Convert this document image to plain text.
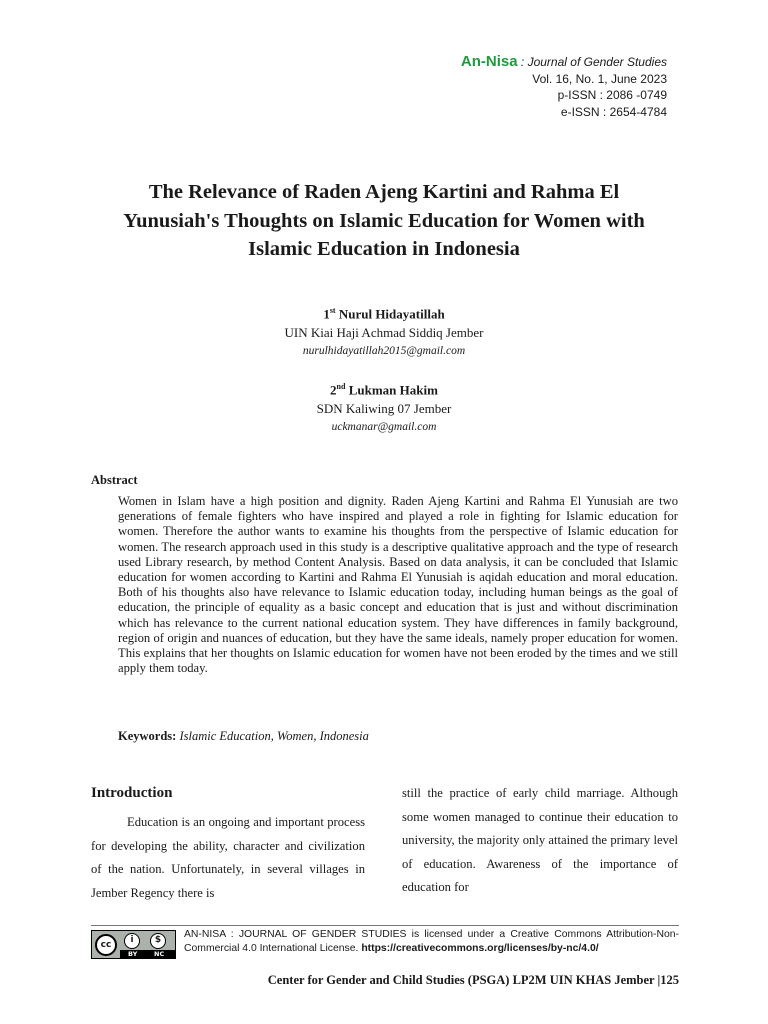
An-Nisa : Journal of Gender Studies
Vol. 16, No. 1, June 2023
p-ISSN : 2086 -0749
e-ISSN : 2654-4784
The Relevance of Raden Ajeng Kartini and Rahma El Yunusiah's Thoughts on Islamic Education for Women with Islamic Education in Indonesia
1st Nurul Hidayatillah
UIN Kiai Haji Achmad Siddiq Jember
nurulhidayatillah2015@gmail.com
2nd Lukman Hakim
SDN Kaliwing 07 Jember
uckmanar@gmail.com
Abstract
Women in Islam have a high position and dignity. Raden Ajeng Kartini and Rahma El Yunusiah are two generations of female fighters who have inspired and played a role in fighting for Islamic education for women. Therefore the author wants to examine his thoughts from the perspective of Islamic education for women. The research approach used in this study is a descriptive qualitative approach and the type of research used Library research, by method Content Analysis. Based on data analysis, it can be concluded that Islamic education for women according to Kartini and Rahma El Yunusiah is aqidah education and moral education. Both of his thoughts also have relevance to Islamic education today, including human beings as the goal of education, the principle of equality as a basic concept and education that is just and without discrimination which has relevance to the current national education system. They have differences in family background, region of origin and nuances of education, but they have the same ideals, namely proper education for women. This explains that her thoughts on Islamic education for women have not been eroded by the times and we still apply them today.
Keywords: Islamic Education, Women, Indonesia
Introduction

Education is an ongoing and important process for developing the ability, character and civilization of the nation. Unfortunately, in several villages in Jember Regency there is

still the practice of early child marriage. Although some women managed to continue their education to university, the majority only attained the primary level of education. Awareness of the importance of education for

cc	i	$
BY	NC
AN-NISA : JOURNAL OF GENDER STUDIES is licensed under a Creative Commons Attribution-Non-Commercial 4.0 International License. https://creativecommons.org/licenses/by-nc/4.0/
Center for Gender and Child Studies (PSGA) LP2M UIN KHAS Jember |125
